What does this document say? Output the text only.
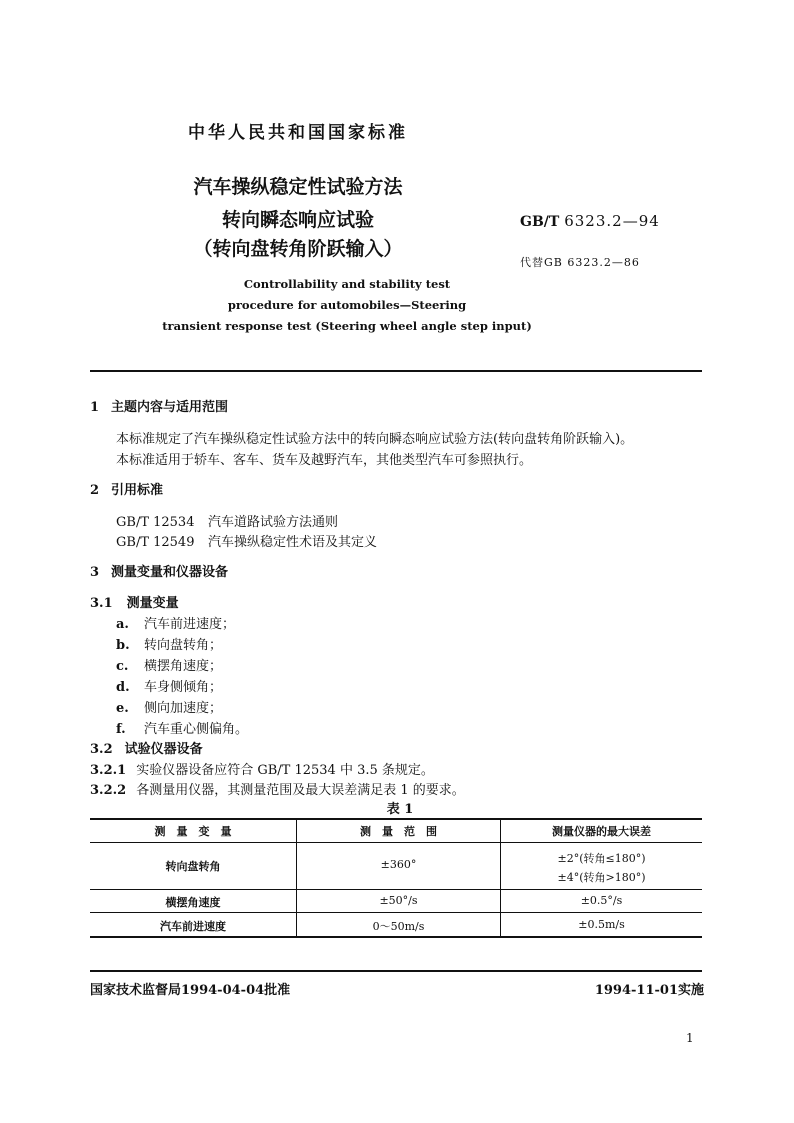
中华人民共和国国家标准
汽车操纵稳定性试验方法
转向瞬态响应试验
（转向盘转角阶跃输入）
GB/T 6323.2—94
代替GB 6323.2—86
Controllability and stability test
procedure for automobiles—Steering
transient response test (Steering wheel angle step input)
1 主题内容与适用范围
本标准规定了汽车操纵稳定性试验方法中的转向瞬态响应试验方法(转向盘转角阶跃输入)。
本标准适用于轿车、客车、货车及越野汽车，其他类型汽车可参照执行。
2 引用标准
GB/T 12534 汽车道路试验方法通则
GB/T 12549 汽车操纵稳定性术语及其定义
3 测量变量和仪器设备
3.1 测量变量
a. 汽车前进速度；
b. 转向盘转角；
c. 横摆角速度；
d. 车身侧倾角；
e. 侧向加速度；
f. 汽车重心侧偏角。
3.2 试验仪器设备
3.2.1 实验仪器设备应符合 GB/T 12534 中 3.5 条规定。
3.2.2 各测量用仪器，其测量范围及最大误差满足表 1 的要求。
表 1
测　量　变　量	测　量　范　围	测量仪器的最大误差
转向盘转角	±360°	±2°(转角≤180°)
±4°(转角>180°)
横摆角速度	±50°/s	±0.5°/s
汽车前进速度	0～50m/s	±0.5m/s
国家技术监督局1994-04-04批准	1994-11-01实施
1
